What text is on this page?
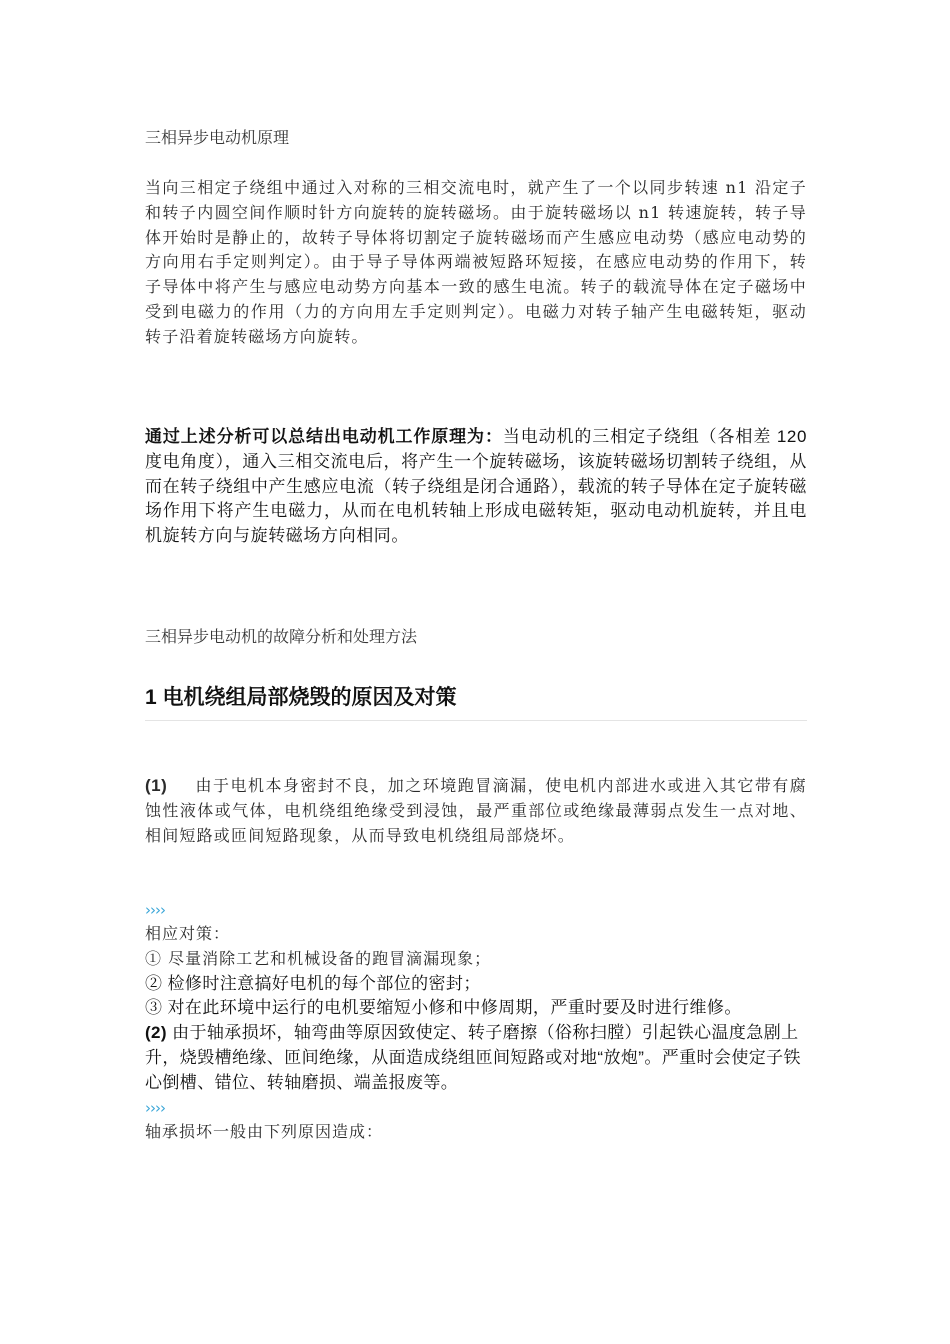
三相异步电动机原理

当向三相定子绕组中通过入对称的三相交流电时，就产生了一个以同步转速 n1 沿定子和转子内圆空间作顺时针方向旋转的旋转磁场。由于旋转磁场以 n1 转速旋转，转子导体开始时是静止的，故转子导体将切割定子旋转磁场而产生感应电动势（感应电动势的方向用右手定则判定）。由于导子导体两端被短路环短接，在感应电动势的作用下，转子导体中将产生与感应电动势方向基本一致的感生电流。转子的载流导体在定子磁场中受到电磁力的作用（力的方向用左手定则判定）。电磁力对转子轴产生电磁转矩，驱动转子沿着旋转磁场方向旋转。

通过上述分析可以总结出电动机工作原理为：当电动机的三相定子绕组（各相差 120 度电角度），通入三相交流电后，将产生一个旋转磁场，该旋转磁场切割转子绕组，从而在转子绕组中产生感应电流（转子绕组是闭合通路），载流的转子导体在定子旋转磁场作用下将产生电磁力，从而在电机转轴上形成电磁转矩，驱动电动机旋转，并且电机旋转方向与旋转磁场方向相同。

三相异步电动机的故障分析和处理方法

1 电机绕组局部烧毁的原因及对策

(1) 由于电机本身密封不良，加之环境跑冒滴漏，使电机内部进水或进入其它带有腐蚀性液体或气体，电机绕组绝缘受到浸蚀，最严重部位或绝缘最薄弱点发生一点对地、相间短路或匝间短路现象，从而导致电机绕组局部烧坏。

››››
相应对策：
① 尽量消除工艺和机械设备的跑冒滴漏现象；
② 检修时注意搞好电机的每个部位的密封；
③ 对在此环境中运行的电机要缩短小修和中修周期，严重时要及时进行维修。
(2) 由于轴承损坏，轴弯曲等原因致使定、转子磨擦（俗称扫膛）引起铁心温度急剧上升，烧毁槽绝缘、匝间绝缘，从面造成绕组匝间短路或对地“放炮”。严重时会使定子铁心倒槽、错位、转轴磨损、端盖报废等。
››››
轴承损坏一般由下列原因造成：
